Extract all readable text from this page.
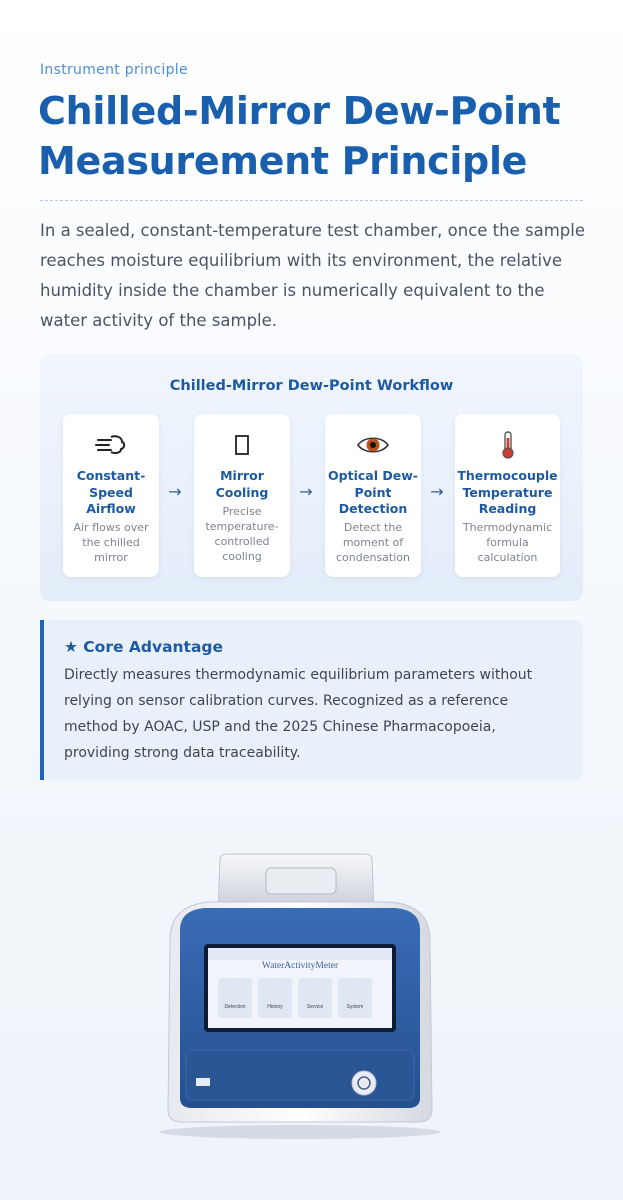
Instrument principle
Chilled-Mirror Dew-Point Measurement Principle

In a sealed, constant-temperature test chamber, once the sample reaches moisture equilibrium with its environment, the relative humidity inside the chamber is numerically equivalent to the water activity of the sample.

Chilled-Mirror Dew-Point Workflow
Constant-Speed Airflow
Air flows over the chilled mirror
→
Mirror Cooling
Precise temperature-controlled cooling
→
Optical Dew-Point Detection
Detect the moment of condensation
→
Thermocouple Temperature Reading
Thermodynamic formula calculation
★ Core Advantage

Directly measures thermodynamic equilibrium parameters without relying on sensor calibration curves. Recognized as a reference method by AOAC, USP and the 2025 Chinese Pharmacopoeia, providing strong data traceability.

WaterActivityMeter
Detection	History	Service	System
